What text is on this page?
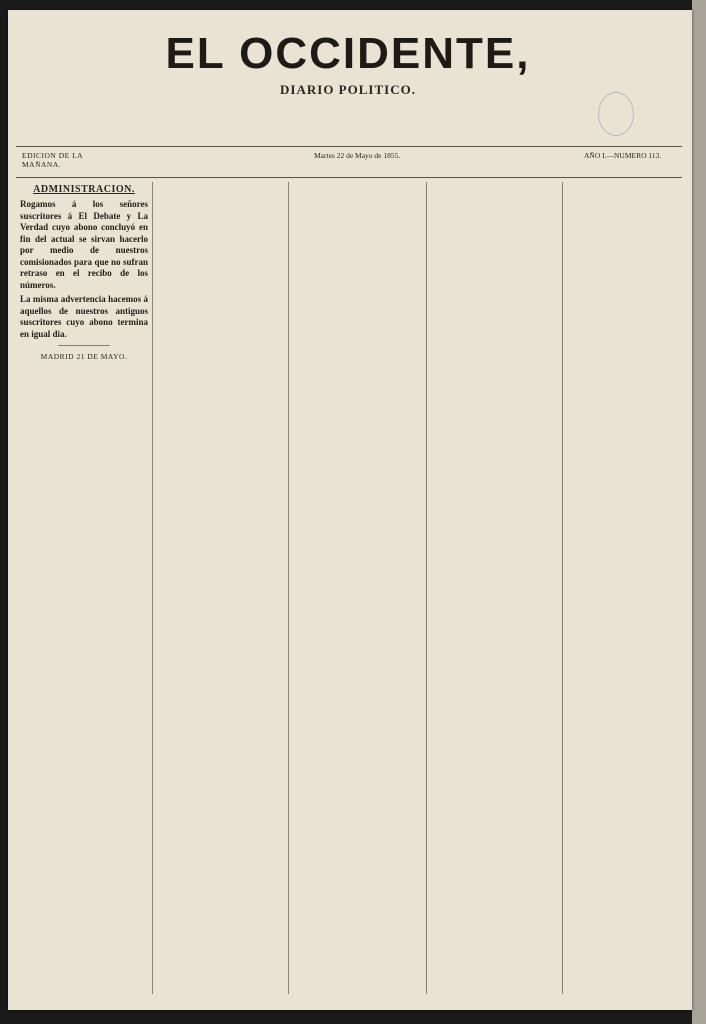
EL OCCIDENTE,
DIARIO POLITICO.
EDICION DE LA MAÑANA.
Martes 22 de Mayo de 1855.	AÑO I.—NUMERO 113.
ADMINISTRACION.
Rogamos á los señores suscritores á El Debate y La Verdad cuyo abono concluyó en fin del actual se sirvan hacerlo por medio de nuestros comisionados para que no sufran retraso en el recibo de los números.
La misma advertencia hacemos á aquellos de nuestros antiguos suscritores cuyo abono termina en igual dia.
MADRID 21 DE MAYO.
